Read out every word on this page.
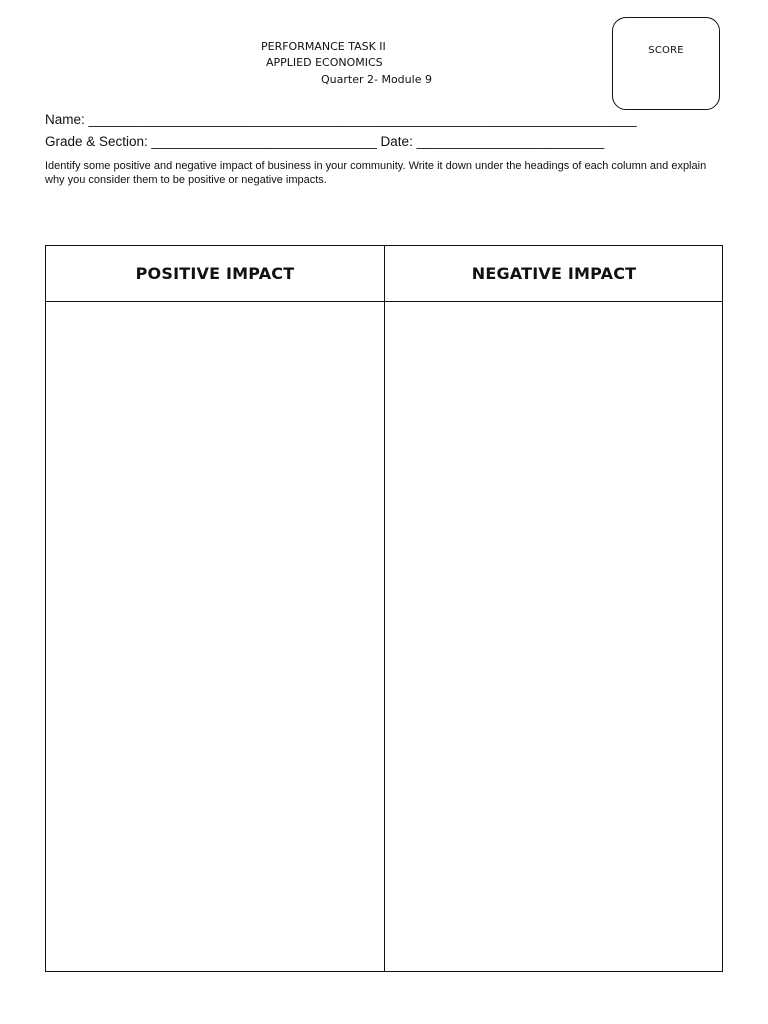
PERFORMANCE TASK II
APPLIED ECONOMICS
Quarter 2- Module 9
SCORE
Name: _________________________________________________________________________
Grade & Section: ______________________________ Date: _________________________
Identify some positive and negative impact of business in your community. Write it down under the headings of each column and explain why you consider them to be positive or negative impacts.
POSITIVE IMPACT	NEGATIVE IMPACT
